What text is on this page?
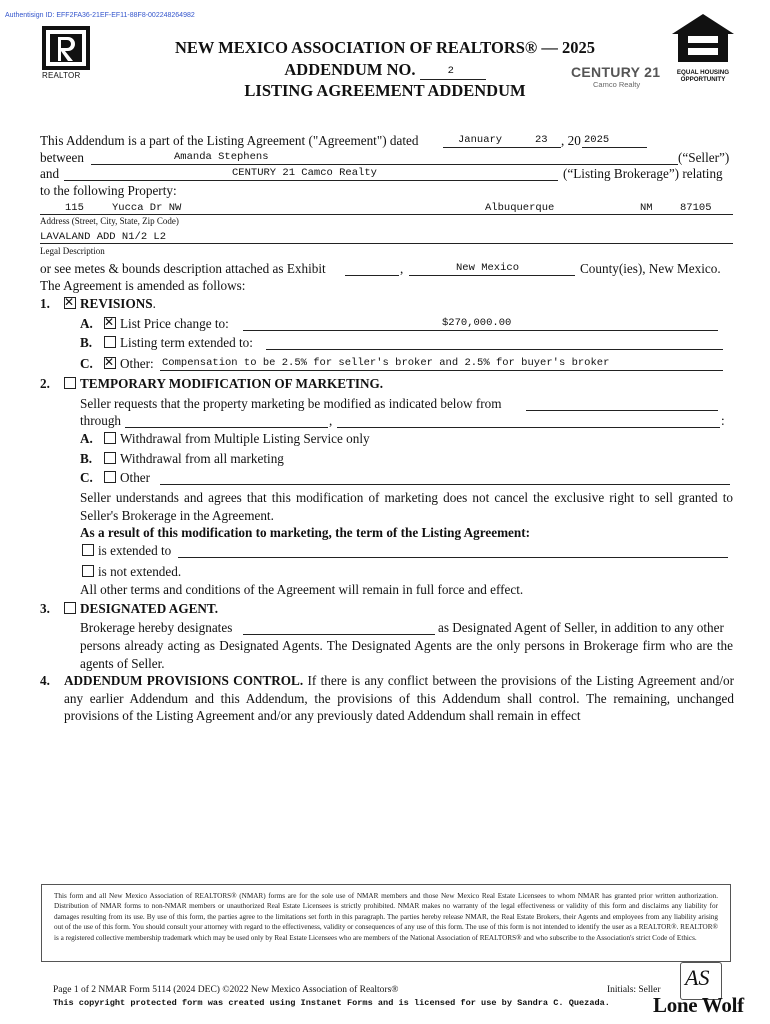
Authentisign ID: EFF2FA36-21EF-EF11-88F8-002248264982
REALTOR
NEW MEXICO ASSOCIATION OF REALTORS® — 2025
ADDENDUM NO.	2
LISTING AGREEMENT ADDENDUM
CENTURY 21
Camco Realty
EQUAL HOUSING OPPORTUNITY
This Addendum is a part of the Listing Agreement ("Agreement") dated	January	23 , 20 2025
between	Amanda Stephens	(“Seller”)
and	CENTURY 21 Camco Realty	(“Listing Brokerage”) relating
to the following Property:
115	Yucca Dr NW	Albuquerque	NM	87105
Address (Street, City, State, Zip Code)
LAVALAND ADD N1/2 L2
Legal Description
or see metes & bounds description attached as Exhibit	,	New Mexico	County(ies), New Mexico.
The Agreement is amended as follows:
1. ✕	REVISIONS.
A. ✕	List Price change to:	$270,000.00
B.	Listing term extended to:
C. ✕	Other: Compensation to be 2.5% for seller's broker and 2.5% for buyer's broker
2.	TEMPORARY MODIFICATION OF MARKETING.
Seller requests that the property marketing be modified as indicated below from
through	,	:
A.	Withdrawal from Multiple Listing Service only
B.	Withdrawal from all marketing
C.	Other
Seller understands and agrees that this modification of marketing does not cancel the exclusive right to sell granted to Seller's Brokerage in the Agreement.
As a result of this modification to marketing, the term of the Listing Agreement:
is extended to
is not extended.
All other terms and conditions of the Agreement will remain in full force and effect.
3.	DESIGNATED AGENT.
Brokerage hereby designates	as Designated Agent of Seller, in addition to any other
persons already acting as Designated Agents. The Designated Agents are the only persons in Brokerage firm who are the agents of Seller.
4. ADDENDUM PROVISIONS CONTROL. If there is any conflict between the provisions of the Listing Agreement and/or any earlier Addendum and this Addendum, the provisions of this Addendum shall control. The remaining, unchanged provisions of the Listing Agreement and/or any previously dated Addendum shall remain in effect

This form and all New Mexico Association of REALTORS® (NMAR) forms are for the sole use of NMAR members and those New Mexico Real Estate Licensees to whom NMAR has granted prior written authorization. Distribution of NMAR forms to non-NMAR members or unauthorized Real Estate Licensees is strictly prohibited. NMAR makes no warranty of the legal effectiveness or validity of this form and disclaims any liability for damages resulting from its use. By use of this form, the parties agree to the limitations set forth in this paragraph. The parties hereby release NMAR, the Real Estate Brokers, their Agents and employees from any liability arising out of the use of this form. You should consult your attorney with regard to the effectiveness, validity or consequences of any use of this form. The use of this form is not intended to identify the user as a REALTOR®. REALTOR® is a registered collective membership trademark which may be used only by Real Estate Licensees who are members of the National Association of REALTORS® and who subscribe to the Association's strict Code of Ethics.

Page 1 of 2 NMAR Form 5114 (2024 DEC) ©2022 New Mexico Association of Realtors®	Initials: Seller AS
This copyright protected form was created using Instanet Forms and is licensed for use by Sandra C. Quezada. Lone Wolf
